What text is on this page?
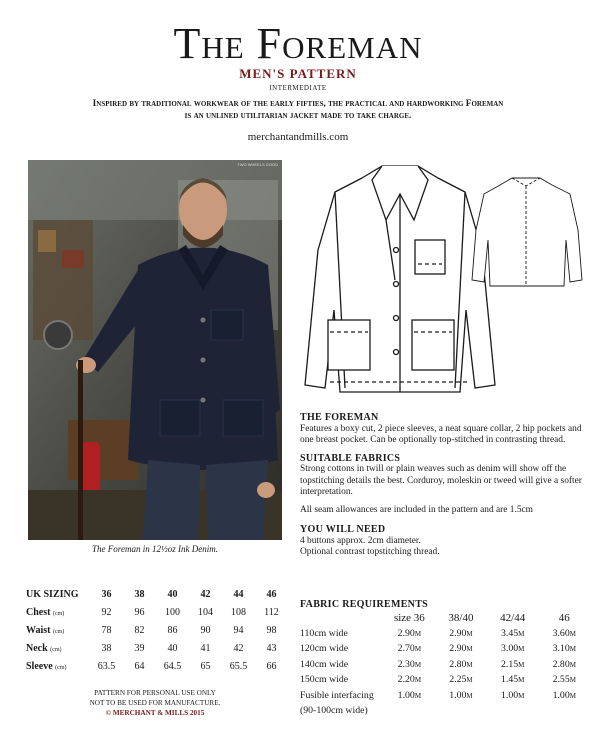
The Foreman
MEN'S PATTERN
intermediate
Inspired by traditional workwear of the early fifties, the practical and hardworking Foreman
is an unlined utilitarian jacket made to take charge.
merchantandmills.com
TWO WHEELS GOOD
The Foreman in 12½oz Ink Denim.
UK SIZING	36	38	40	42	44	46
Chest (cm)	92	96	100	104	108	112
Waist (cm)	78	82	86	90	94	98
Neck (cm)	38	39	40	41	42	43
Sleeve (cm)	63.5	64	64.5	65	65.5	66
PATTERN FOR PERSONAL USE ONLY
NOT TO BE USED FOR MANUFACTURE.
© MERCHANT & MILLS 2015
THE FOREMAN
Features a boxy cut, 2 piece sleeves, a neat square collar, 2 hip pockets and one breast pocket. Can be optionally top-stitched in contrasting thread.
SUITABLE FABRICS
Strong cottons in twill or plain weaves such as denim will show off the topstitching details the best. Corduroy, moleskin or tweed will give a softer interpretation.
All seam allowances are included in the pattern and are 1.5cm
YOU WILL NEED
4 buttons approx. 2cm diameter.
Optional contrast topstitching thread.
FABRIC REQUIREMENTS
	size 36	38/40	42/44	46
110cm wide	2.90m	2.90m	3.45m	3.60m
120cm wide	2.70m	2.90m	3.00m	3.10m
140cm wide	2.30m	2.80m	2.15m	2.80m
150cm wide	2.20m	2.25m	1.45m	2.55m
Fusible interfacing	1.00m	1.00m	1.00m	1.00m
(90-100cm wide)				
